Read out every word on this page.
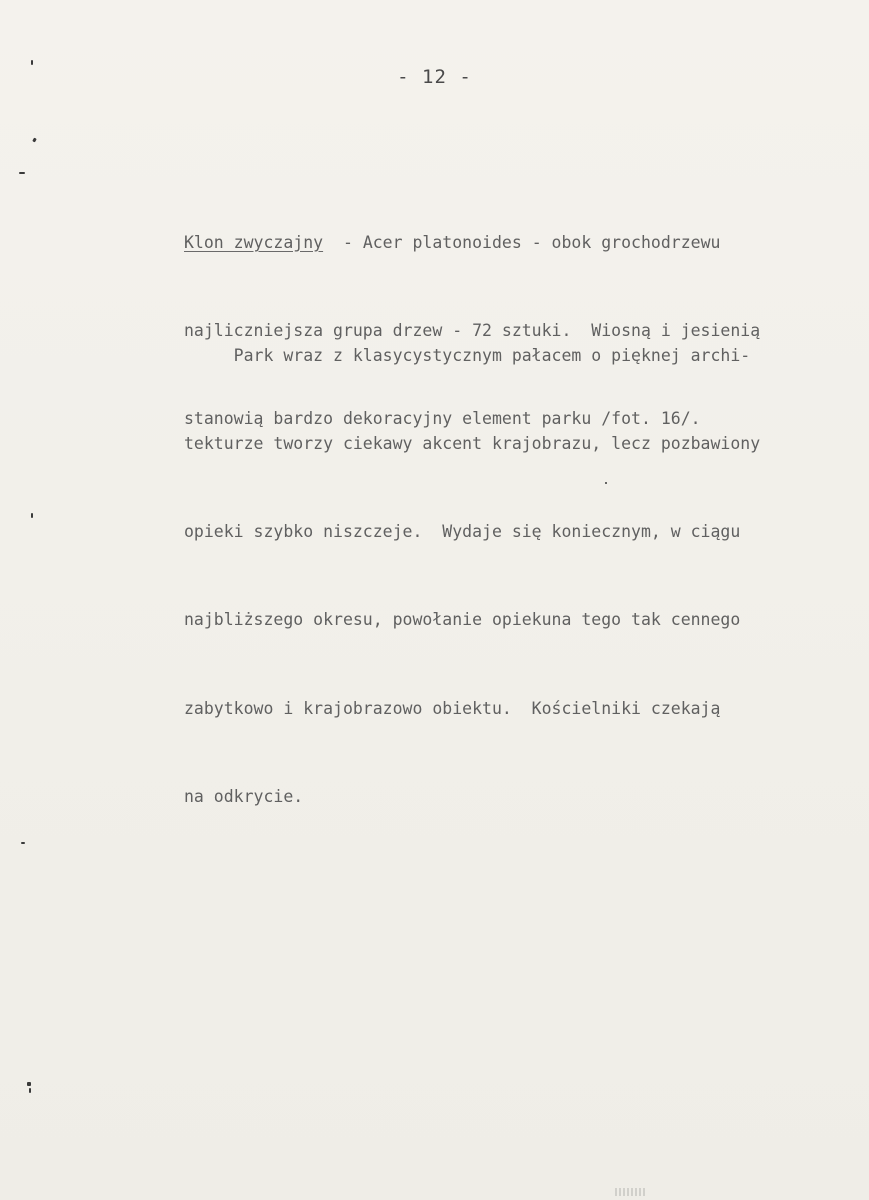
- 12 -

Klon zwyczajny  - Acer platonoides - obok grochodrzewu

najliczniejsza grupa drzew - 72 sztuki.  Wiosną i jesienią

stanowią bardzo dekoracyjny element parku /fot. 16/.

Park wraz z klasycystycznym pałacem o pięknej archi-

tekturze tworzy ciekawy akcent krajobrazu, lecz pozbawiony

opieki szybko niszczeje.  Wydaje się koniecznym, w ciągu

najbliższego okresu, powołanie opiekuna tego tak cennego

zabytkowo i krajobrazowo obiektu.  Kościelniki czekają

na odkrycie.
